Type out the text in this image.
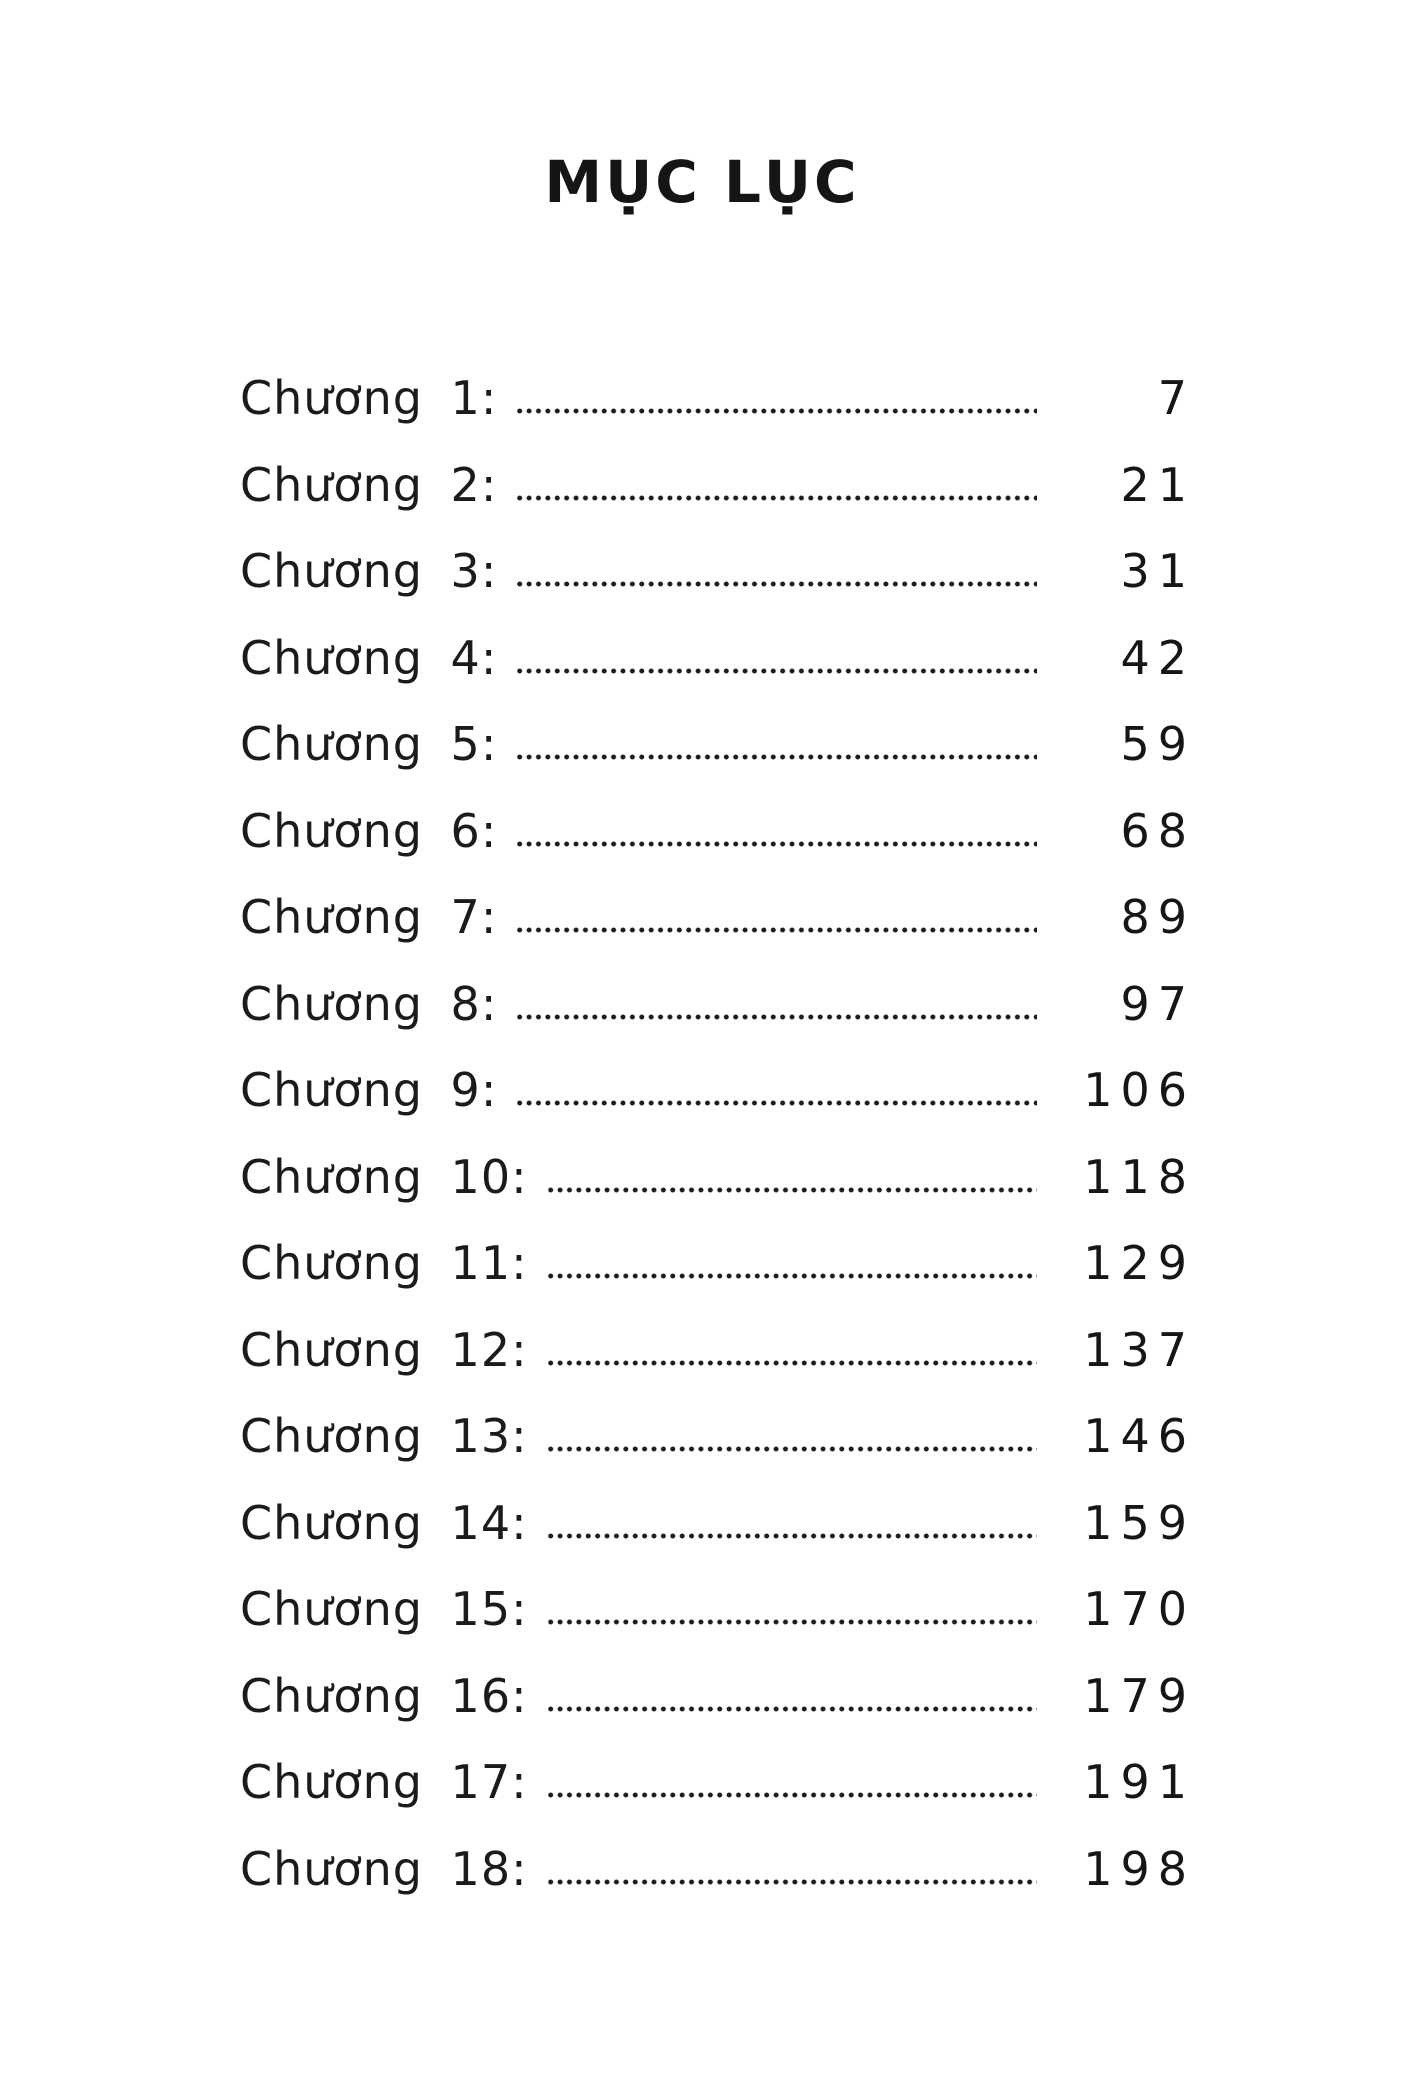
MỤC LỤC
Chương 1:	7
Chương 2:	21
Chương 3:	31
Chương 4:	42
Chương 5:	59
Chương 6:	68
Chương 7:	89
Chương 8:	97
Chương 9:	106
Chương 10:	118
Chương 11:	129
Chương 12:	137
Chương 13:	146
Chương 14:	159
Chương 15:	170
Chương 16:	179
Chương 17:	191
Chương 18:	198
